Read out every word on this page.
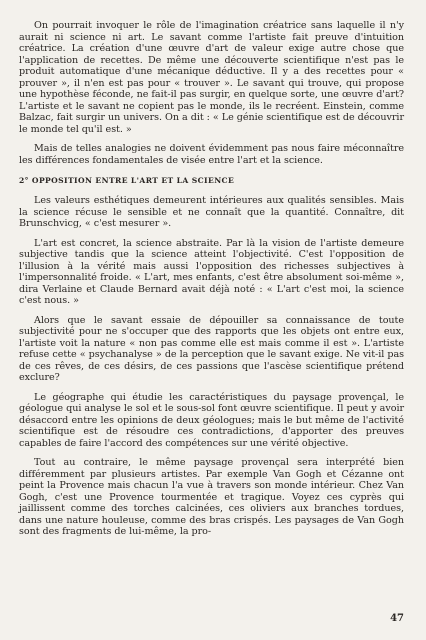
On pourrait invoquer le rôle de l'imagination créatrice sans laquelle il n'y aurait ni science ni art. Le savant comme l'artiste fait preuve d'intuition créatrice. La création d'une œuvre d'art de valeur exige autre chose que l'application de recettes. De même une découverte scientifique n'est pas le produit automatique d'une mécanique déductive. Il y a des recettes pour « prouver », il n'en est pas pour « trouver ». Le savant qui trouve, qui propose une hypothèse féconde, ne fait-il pas surgir, en quelque sorte, une œuvre d'art? L'artiste et le savant ne copient pas le monde, ils le recréent. Einstein, comme Balzac, fait surgir un univers. On a dit : « Le génie scientifique est de découvrir le monde tel qu'il est. »

Mais de telles analogies ne doivent évidemment pas nous faire méconnaître les différences fondamentales de visée entre l'art et la science.

2° OPPOSITION ENTRE L'ART ET LA SCIENCE

Les valeurs esthétiques demeurent intérieures aux qualités sensibles. Mais la science récuse le sensible et ne connaît que la quantité. Connaître, dit Brunschvicg, « c'est mesurer ».

L'art est concret, la science abstraite. Par là la vision de l'artiste demeure subjective tandis que la science atteint l'objectivité. C'est l'opposition de l'illusion à la vérité mais aussi l'opposition des richesses subjectives à l'impersonnalité froide. « L'art, mes enfants, c'est être absolument soi-même », dira Verlaine et Claude Bernard avait déjà noté : « L'art c'est moi, la science c'est nous. »

Alors que le savant essaie de dépouiller sa connaissance de toute subjectivité pour ne s'occuper que des rapports que les objets ont entre eux, l'artiste voit la nature « non pas comme elle est mais comme il est ». L'artiste refuse cette « psychanalyse » de la perception que le savant exige. Ne vit-il pas de ces rêves, de ces désirs, de ces passions que l'ascèse scientifique prétend exclure?

Le géographe qui étudie les caractéristiques du paysage provençal, le géologue qui analyse le sol et le sous-sol font œuvre scientifique. Il peut y avoir désaccord entre les opinions de deux géologues; mais le but même de l'activité scientifique est de résoudre ces contradictions, d'apporter des preuves capables de faire l'accord des compétences sur une vérité objective.

Tout au contraire, le même paysage provençal sera interprété bien différemment par plusieurs artistes. Par exemple Van Gogh et Cézanne ont peint la Provence mais chacun l'a vue à travers son monde intérieur. Chez Van Gogh, c'est une Provence tourmentée et tragique. Voyez ces cyprès qui jaillissent comme des torches calcinées, ces oliviers aux branches tordues, dans une nature houleuse, comme des bras crispés. Les paysages de Van Gogh sont des fragments de lui-même, la pro-

47
